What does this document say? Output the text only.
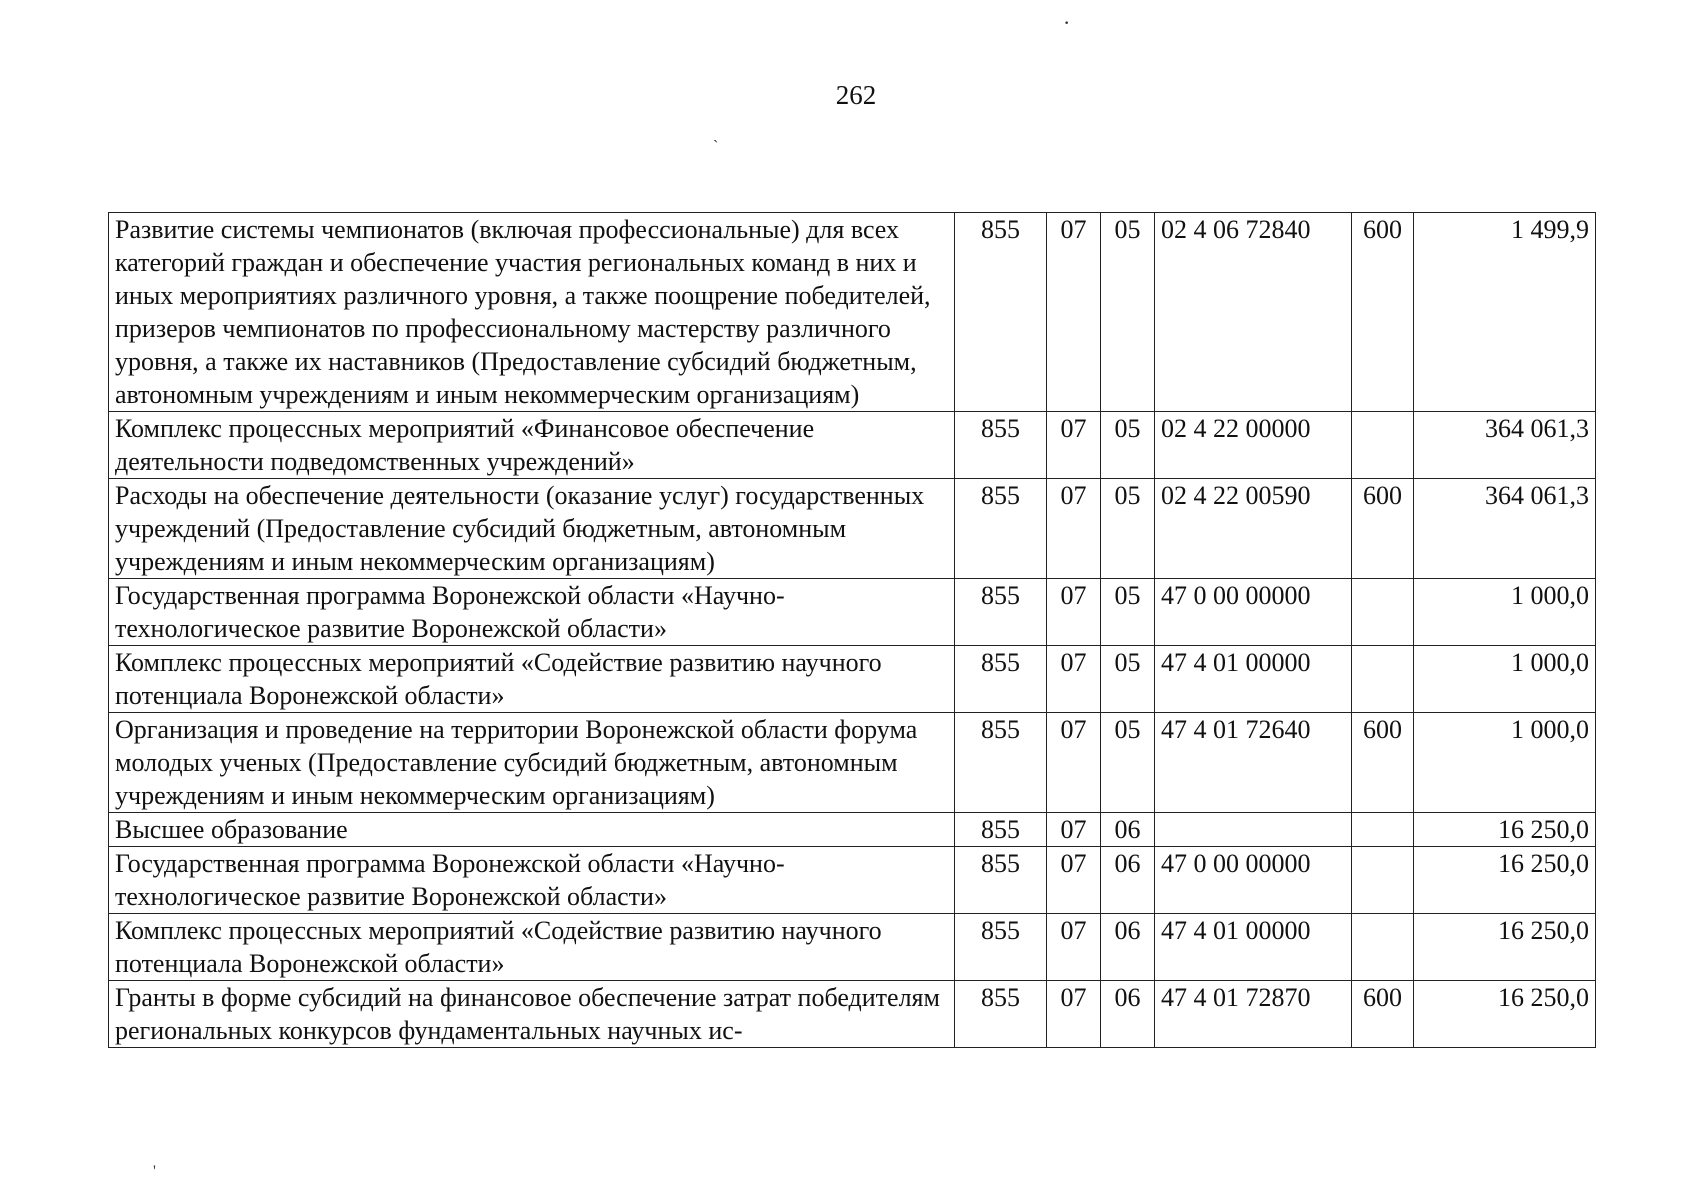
262
·
`
'
Развитие системы чемпионатов (включая профессиональные) для всех категорий граждан и обеспечение участия региональных команд в них и иных мероприятиях различного уровня, а также поощрение победителей, призеров чемпионатов по профессиональному мастерству различного уровня, а также их наставников (Предоставление субсидий бюджетным, автономным учреждениям и иным некоммерческим организациям)	855	07	05	02 4 06 72840	600	1 499,9
Комплекс процессных мероприятий «Финансовое обеспечение деятельности подведомственных учреждений»	855	07	05	02 4 22 00000		364 061,3
Расходы на обеспечение деятельности (оказание услуг) государственных учреждений (Предоставление субсидий бюджетным, автономным учреждениям и иным некоммерческим организациям)	855	07	05	02 4 22 00590	600	364 061,3
Государственная программа Воронежской области «Научно-технологическое развитие Воронежской области»	855	07	05	47 0 00 00000		1 000,0
Комплекс процессных мероприятий «Содействие развитию научного потенциала Воронежской области»	855	07	05	47 4 01 00000		1 000,0
Организация и проведение на территории Воронежской области форума молодых ученых (Предоставление субсидий бюджетным, автономным учреждениям и иным некоммерческим организациям)	855	07	05	47 4 01 72640	600	1 000,0
Высшее образование	855	07	06			16 250,0
Государственная программа Воронежской области «Научно-технологическое развитие Воронежской области»	855	07	06	47 0 00 00000		16 250,0
Комплекс процессных мероприятий «Содействие развитию научного потенциала Воронежской области»	855	07	06	47 4 01 00000		16 250,0
Гранты в форме субсидий на финансовое обеспечение затрат победителям региональных конкурсов фундаментальных научных ис-	855	07	06	47 4 01 72870	600	16 250,0
